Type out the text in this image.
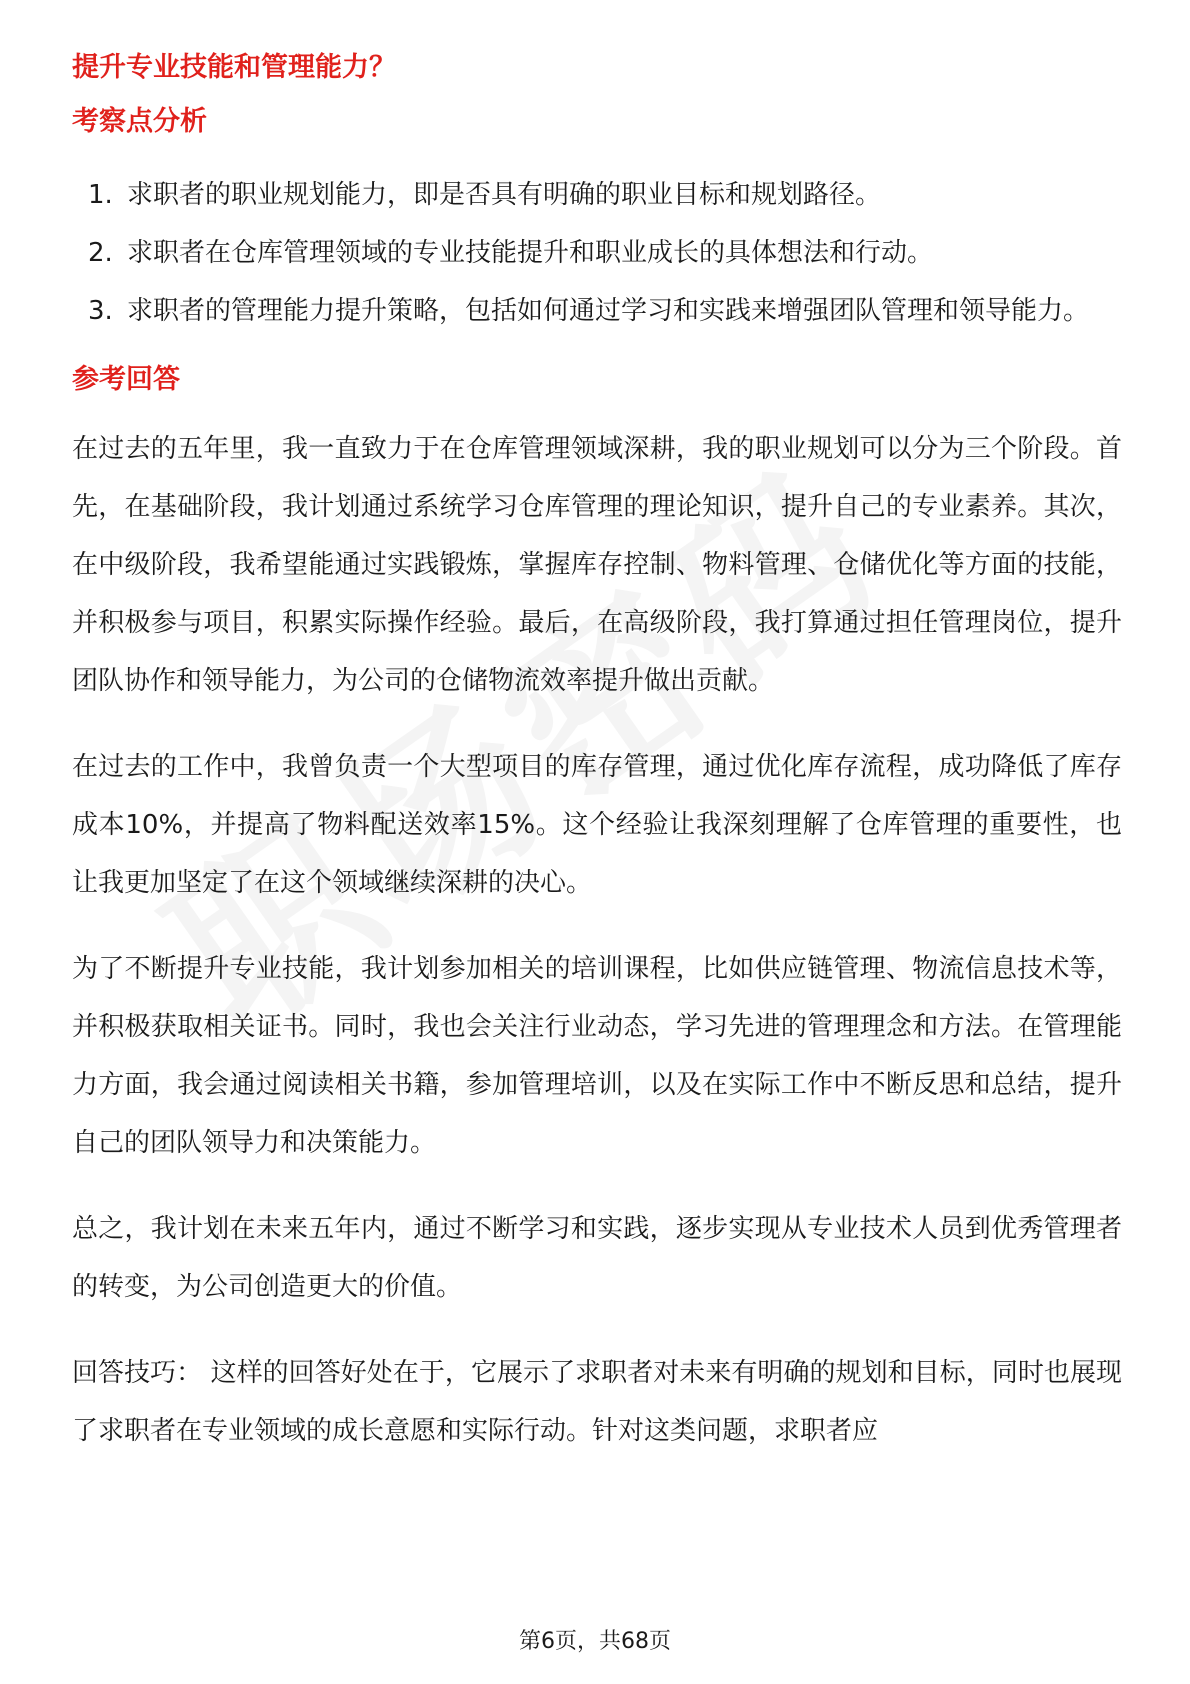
提升专业技能和管理能力？

考察点分析

1. 求职者的职业规划能力，即是否具有明确的职业目标和规划路径。
2. 求职者在仓库管理领域的专业技能提升和职业成长的具体想法和行动。
3. 求职者的管理能力提升策略，包括如何通过学习和实践来增强团队管理和领导能力。

参考回答

在过去的五年里，我一直致力于在仓库管理领域深耕，我的职业规划可以分为三个阶段。首先，在基础阶段，我计划通过系统学习仓库管理的理论知识，提升自己的专业素养。其次，在中级阶段，我希望能通过实践锻炼，掌握库存控制、物料管理、仓储优化等方面的技能，并积极参与项目，积累实际操作经验。最后，在高级阶段，我打算通过担任管理岗位，提升团队协作和领导能力，为公司的仓储物流效率提升做出贡献。

在过去的工作中，我曾负责一个大型项目的库存管理，通过优化库存流程，成功降低了库存成本10%，并提高了物料配送效率15%。这个经验让我深刻理解了仓库管理的重要性，也让我更加坚定了在这个领域继续深耕的决心。

为了不断提升专业技能，我计划参加相关的培训课程，比如供应链管理、物流信息技术等，并积极获取相关证书。同时，我也会关注行业动态，学习先进的管理理念和方法。在管理能力方面，我会通过阅读相关书籍，参加管理培训，以及在实际工作中不断反思和总结，提升自己的团队领导力和决策能力。

总之，我计划在未来五年内，通过不断学习和实践，逐步实现从专业技术人员到优秀管理者的转变，为公司创造更大的价值。

回答技巧： 这样的回答好处在于，它展示了求职者对未来有明确的规划和目标，同时也展现了求职者在专业领域的成长意愿和实际行动。针对这类问题，求职者应

第6页，共68页
